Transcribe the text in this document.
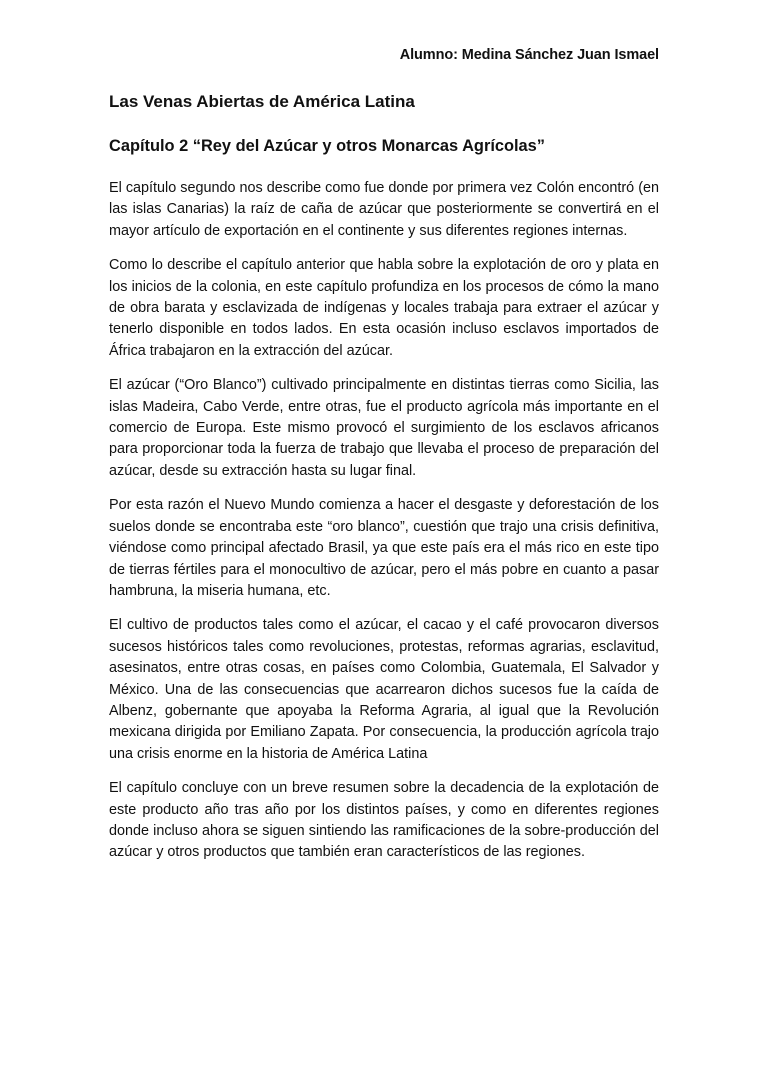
Alumno: Medina Sánchez Juan Ismael
Las Venas Abiertas de América Latina
Capítulo 2 “Rey del Azúcar y otros Monarcas Agrícolas”

El capítulo segundo nos describe como fue donde por primera vez Colón encontró (en las islas Canarias) la raíz de caña de azúcar que posteriormente se convertirá en el mayor artículo de exportación en el continente y sus diferentes regiones internas.

Como lo describe el capítulo anterior que habla sobre la explotación de oro y plata en los inicios de la colonia, en este capítulo profundiza en los procesos de cómo la mano de obra barata y esclavizada de indígenas y locales trabaja para extraer el azúcar y tenerlo disponible en todos lados. En esta ocasión incluso esclavos importados de África trabajaron en la extracción del azúcar.

El azúcar (“Oro Blanco”) cultivado principalmente en distintas tierras como Sicilia, las islas Madeira, Cabo Verde, entre otras, fue el producto agrícola más importante en el comercio de Europa. Este mismo provocó el surgimiento de los esclavos africanos para proporcionar toda la fuerza de trabajo que llevaba el proceso de preparación del azúcar, desde su extracción hasta su lugar final.

Por esta razón el Nuevo Mundo comienza a hacer el desgaste y deforestación de los suelos donde se encontraba este “oro blanco”, cuestión que trajo una crisis definitiva, viéndose como principal afectado Brasil, ya que este país era el más rico en este tipo de tierras fértiles para el monocultivo de azúcar, pero el más pobre en cuanto a pasar hambruna, la miseria humana, etc.

El cultivo de productos tales como el azúcar, el cacao y el café provocaron diversos sucesos históricos tales como revoluciones, protestas, reformas agrarias, esclavitud, asesinatos, entre otras cosas, en países como Colombia, Guatemala, El Salvador y México. Una de las consecuencias que acarrearon dichos sucesos fue la caída de Albenz, gobernante que apoyaba la Reforma Agraria, al igual que la Revolución mexicana dirigida por Emiliano Zapata. Por consecuencia, la producción agrícola trajo una crisis enorme en la historia de América Latina

El capítulo concluye con un breve resumen sobre la decadencia de la explotación de este producto año tras año por los distintos países, y como en diferentes regiones donde incluso ahora se siguen sintiendo las ramificaciones de la sobre-producción del azúcar y otros productos que también eran característicos de las regiones.
